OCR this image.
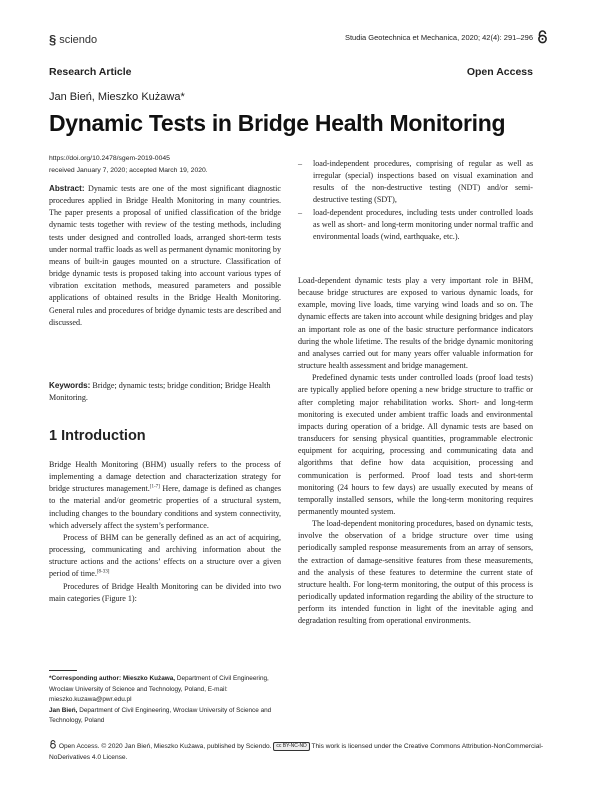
§ sciendo	Studia Geotechnica et Mechanica, 2020; 42(4): 291–296
Research Article	Open Access
Jan Bień, Mieszko Kużawa*
Dynamic Tests in Bridge Health Monitoring
https://doi.org/10.2478/sgem-2019-0045
received January 7, 2020; accepted March 19, 2020.

Abstract: Dynamic tests are one of the most significant diagnostic procedures applied in Bridge Health Monitoring in many countries. The paper presents a proposal of unified classification of the bridge dynamic tests together with review of the testing methods, including tests under designed and controlled loads, arranged short-term tests under normal traffic loads as well as permanent dynamic monitoring by means of built-in gauges mounted on a structure. Classification of bridge dynamic tests is proposed taking into account various types of vibration excitation methods, measured parameters and possible applications of obtained results in the Bridge Health Monitoring. General rules and procedures of bridge dynamic tests are described and discussed.

Keywords: Bridge; dynamic tests; bridge condition; Bridge Health Monitoring.

1 Introduction

Bridge Health Monitoring (BHM) usually refers to the process of implementing a damage detection and characterization strategy for bridge structures management.[1-7] Here, damage is defined as changes to the material and/or geometric properties of a structural system, including changes to the boundary conditions and system connectivity, which adversely affect the system’s performance.

Process of BHM can be generally defined as an act of acquiring, processing, communicating and archiving information about the structure actions and the actions’ effects on a structure over a given period of time.[8-33]

Procedures of Bridge Health Monitoring can be divided into two main categories (Figure 1):

–	load-independent procedures, comprising of regular as well as irregular (special) inspections based on visual examination and results of the non-destructive testing (NDT) and/or semi-destructive testing (SDT),
–	load-dependent procedures, including tests under controlled loads as well as short- and long-term monitoring under normal traffic and environmental loads (wind, earthquake, etc.).

Load-dependent dynamic tests play a very important role in BHM, because bridge structures are exposed to various dynamic loads, for example, moving live loads, time varying wind loads and so on. The dynamic effects are taken into account while designing bridges and play an important role as one of the basic structure performance indicators during the whole lifetime. The results of the bridge dynamic monitoring and analyses carried out for many years offer valuable information for structure health assessment and bridge management.

Predefined dynamic tests under controlled loads (proof load tests) are typically applied before opening a new bridge structure to traffic or after completing major rehabilitation works. Short- and long-term monitoring is executed under ambient traffic loads and environmental impacts during operation of a bridge. All dynamic tests are based on transducers for sensing physical quantities, programmable electronic equipment for acquiring, processing and communicating data and algorithms that define how data acquisition, processing and communication is performed. Proof load tests and short-term monitoring (24 hours to few days) are usually executed by means of temporally installed sensors, while the long-term monitoring requires permanently mounted system.

The load-dependent monitoring procedures, based on dynamic tests, involve the observation of a bridge structure over time using periodically sampled response measurements from an array of sensors, the extraction of damage-sensitive features from these measurements, and the analysis of these features to determine the current state of structure health. For long-term monitoring, the output of this process is periodically updated information regarding the ability of the structure to perform its intended function in light of the inevitable aging and degradation resulting from operational environments.

*Corresponding author: Mieszko Kużawa, Department of Civil Engineering, Wroclaw University of Science and Technology, Poland, E-mail: mieszko.kuzawa@pwr.edu.pl

Jan Bień, Department of Civil Engineering, Wroclaw University of Science and Technology, Poland

Open Access. © 2020 Jan Bień, Mieszko Kużawa, published by Sciendo. cc BY-NC-ND This work is licensed under the Creative Commons Attribution-NonCommercial-NoDerivatives 4.0 License.
